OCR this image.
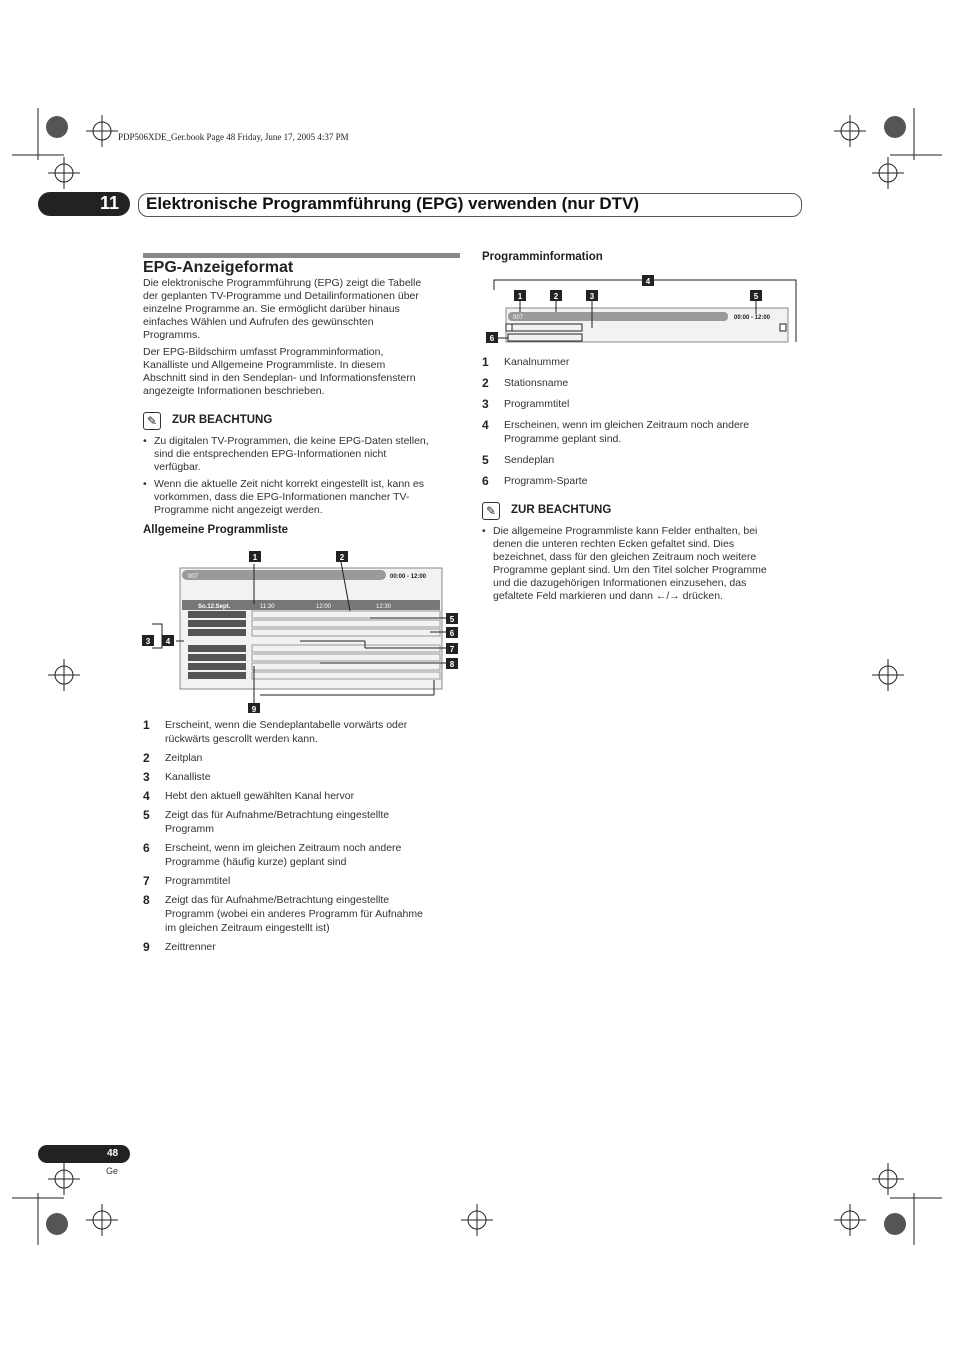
PDP506XDE_Ger.book Page 48 Friday, June 17, 2005 4:37 PM
11 Elektronische Programmführung (EPG) verwenden (nur DTV)
EPG-Anzeigeformat
Die elektronische Programmführung (EPG) zeigt die Tabelle
der geplanten TV-Programme und Detailinformationen über
einzelne Programme an. Sie ermöglicht darüber hinaus
einfaches Wählen und Aufrufen des gewünschten
Programms.
Der EPG-Bildschirm umfasst Programminformation,
Kanalliste und Allgemeine Programmliste. In diesem
Abschnitt sind in den Sendeplan- und Informationsfenstern
angezeigte Informationen beschrieben.
✎	ZUR BEACHTUNG
• Zu digitalen TV-Programmen, die keine EPG-Daten stellen,
sind die entsprechenden EPG-Informationen nicht
verfügbar.
• Wenn die aktuelle Zeit nicht korrekt eingestellt ist, kann es
vorkommen, dass die EPG-Informationen mancher TV-
Programme nicht angezeigt werden.
Allgemeine Programmliste
007	00:00 - 12:00
So.12.Sept.	11:30	12:00	12:30
1	2
3 4
5
6
7
8
9
1	Erscheint, wenn die Sendeplantabelle vorwärts oder
rückwärts gescrollt werden kann.
2	Zeitplan
3	Kanalliste
4	Hebt den aktuell gewählten Kanal hervor
5	Zeigt das für Aufnahme/Betrachtung eingestellte
Programm
6	Erscheint, wenn im gleichen Zeitraum noch andere
Programme (häufig kurze) geplant sind
7	Programmtitel
8	Zeigt das für Aufnahme/Betrachtung eingestellte
Programm (wobei ein anderes Programm für Aufnahme
im gleichen Zeitraum eingestellt ist)
9	Zeittrenner
Programminformation
007	00:00 - 12:00
1	2	3
4
5
6
1	Kanalnummer
2	Stationsname
3	Programmtitel
4	Erscheinen, wenn im gleichen Zeitraum noch andere
Programme geplant sind.
5	Sendeplan
6	Programm-Sparte
✎	ZUR BEACHTUNG
• Die allgemeine Programmliste kann Felder enthalten, bei
denen die unteren rechten Ecken gefaltet sind. Dies
bezeichnet, dass für den gleichen Zeitraum noch weitere
Programme geplant sind. Um den Titel solcher Programme
und die dazugehörigen Informationen einzusehen, das
gefaltete Feld markieren und dann ←/→ drücken.
48
Ge
